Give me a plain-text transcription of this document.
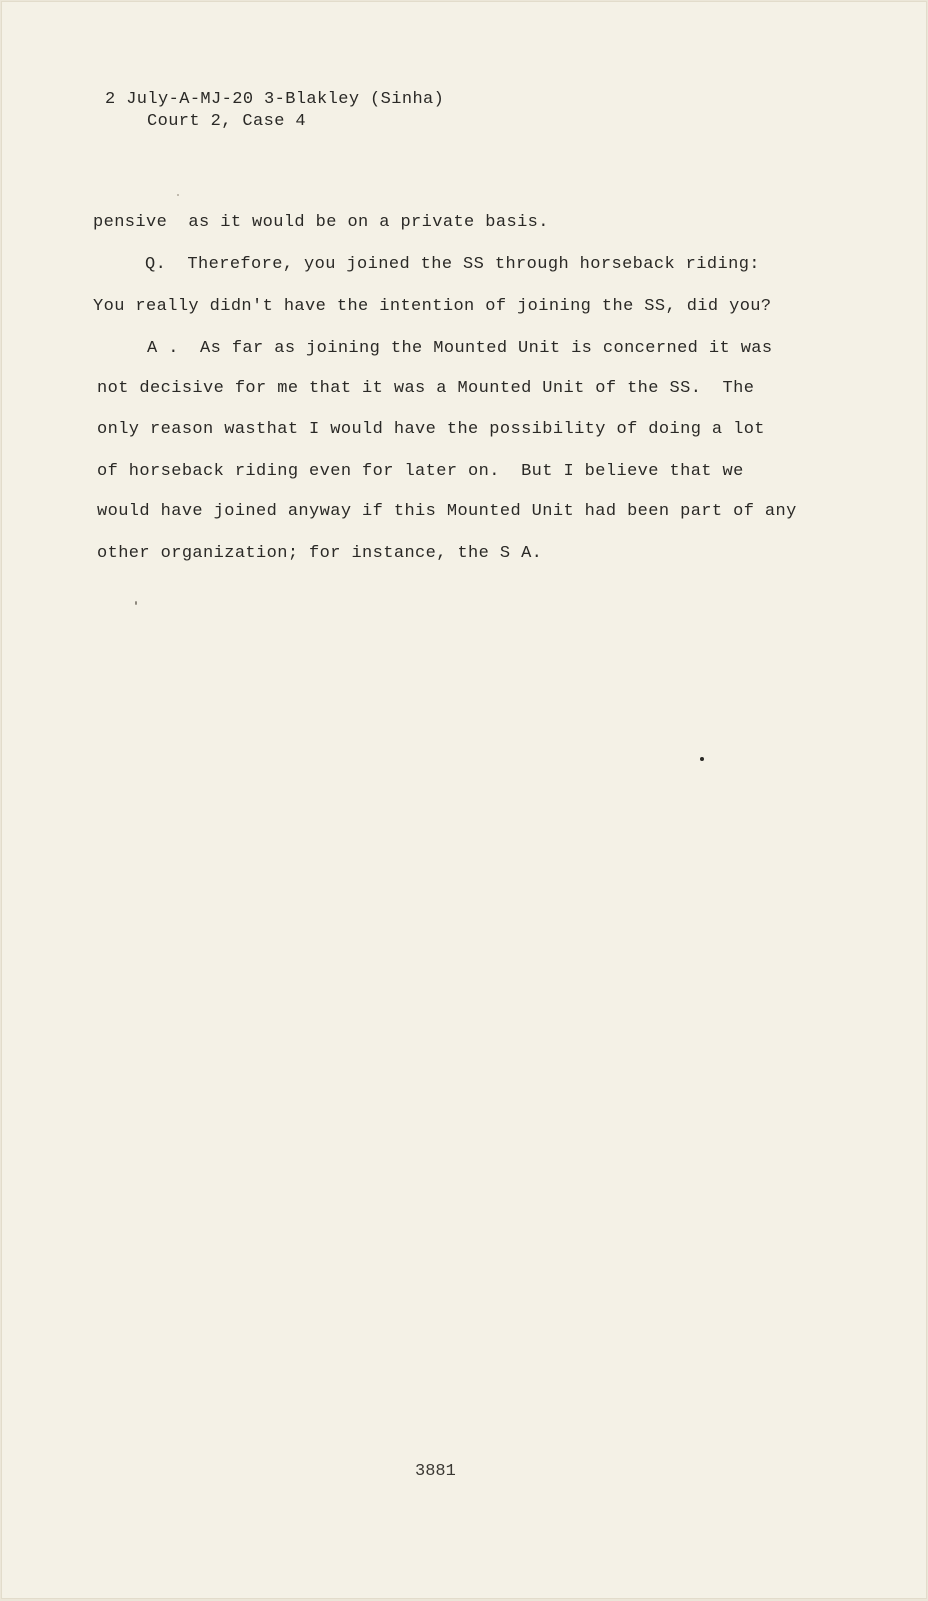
2 July-A-MJ-20 3-Blakley (Sinha)
Court 2, Case 4
pensive  as it would be on a private basis.
Q.  Therefore, you joined the SS through horseback riding:
You really didn't have the intention of joining the SS, did you?
A .  As far as joining the Mounted Unit is concerned it was
not decisive for me that it was a Mounted Unit of the SS.  The
only reason wasthat I would have the possibility of doing a lot
of horseback riding even for later on.  But I believe that we
would have joined anyway if this Mounted Unit had been part of any
other organization; for instance, the S A.
3881
